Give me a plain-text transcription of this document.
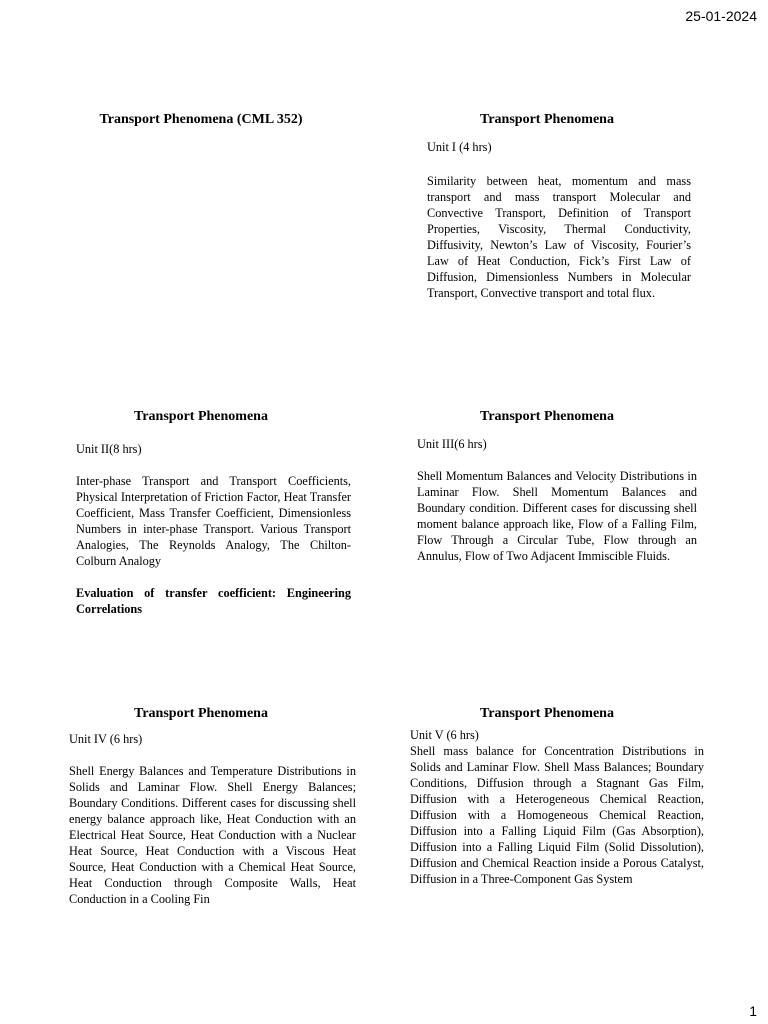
25-01-2024
Transport Phenomena (CML 352)	Transport Phenomena
Unit I (4 hrs)
Similarity between heat, momentum and mass transport and mass transport Molecular and Convective Transport, Definition of Transport Properties, Viscosity, Thermal Conductivity, Diffusivity, Newton’s Law of Viscosity, Fourier’s Law of Heat Conduction, Fick’s First Law of Diffusion, Dimensionless Numbers in Molecular Transport, Convective transport and total flux.
Transport Phenomena
Unit II(8 hrs)
Inter-phase Transport and Transport Coefficients, Physical Interpretation of Friction Factor, Heat Transfer Coefficient, Mass Transfer Coefficient, Dimensionless Numbers in inter-phase Transport. Various Transport Analogies, The Reynolds Analogy, The Chilton-Colburn Analogy
Evaluation of transfer coefficient: Engineering Correlations
Transport Phenomena
Unit III(6 hrs)
Shell Momentum Balances and Velocity Distributions in Laminar Flow. Shell Momentum Balances and Boundary condition. Different cases for discussing shell moment balance approach like, Flow of a Falling Film, Flow Through a Circular Tube, Flow through an Annulus, Flow of Two Adjacent Immiscible Fluids.
Transport Phenomena
Unit IV (6 hrs)
Shell Energy Balances and Temperature Distributions in Solids and Laminar Flow. Shell Energy Balances; Boundary Conditions. Different cases for discussing shell energy balance approach like, Heat Conduction with an Electrical Heat Source, Heat Conduction with a Nuclear Heat Source, Heat Conduction with a Viscous Heat Source, Heat Conduction with a Chemical Heat Source, Heat Conduction through Composite Walls, Heat Conduction in a Cooling Fin
Transport Phenomena
Unit V (6 hrs)
Shell mass balance for Concentration Distributions in Solids and Laminar Flow. Shell Mass Balances; Boundary Conditions, Diffusion through a Stagnant Gas Film, Diffusion with a Heterogeneous Chemical Reaction, Diffusion with a Homogeneous Chemical Reaction, Diffusion into a Falling Liquid Film (Gas Absorption), Diffusion into a Falling Liquid Film (Solid Dissolution), Diffusion and Chemical Reaction inside a Porous Catalyst, Diffusion in a Three-Component Gas System
1
